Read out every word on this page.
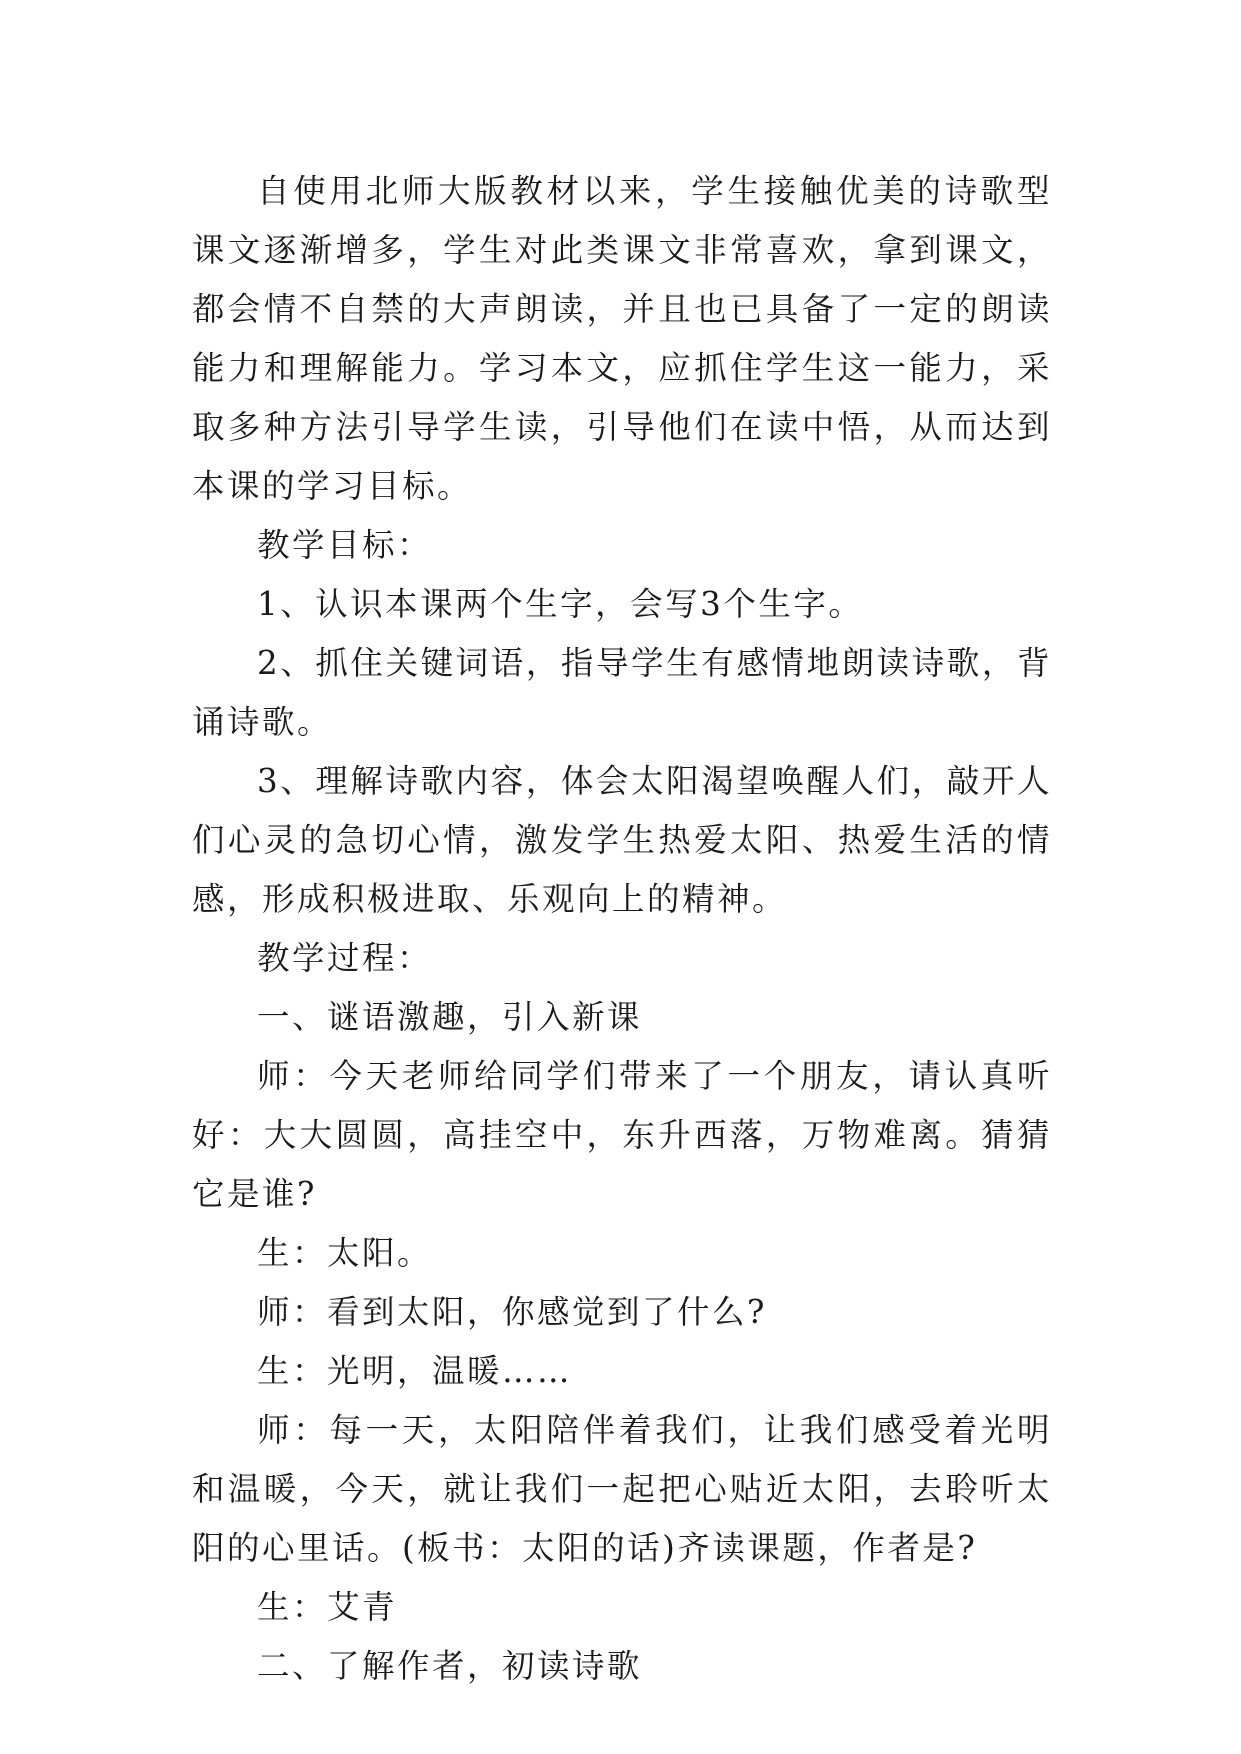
自使用北师大版教材以来，学生接触优美的诗歌型课文逐渐增多，学生对此类课文非常喜欢，拿到课文，都会情不自禁的大声朗读，并且也已具备了一定的朗读能力和理解能力。学习本文，应抓住学生这一能力，采取多种方法引导学生读，引导他们在读中悟，从而达到本课的学习目标。

教学目标：

1、认识本课两个生字，会写3个生字。

2、抓住关键词语，指导学生有感情地朗读诗歌，背诵诗歌。

3、理解诗歌内容，体会太阳渴望唤醒人们，敲开人们心灵的急切心情，激发学生热爱太阳、热爱生活的情感，形成积极进取、乐观向上的精神。

教学过程：

一、谜语激趣，引入新课

师：今天老师给同学们带来了一个朋友，请认真听好：大大圆圆，高挂空中，东升西落，万物难离。猜猜它是谁?

生：太阳。

师：看到太阳，你感觉到了什么?

生：光明，温暖……

师：每一天，太阳陪伴着我们，让我们感受着光明和温暖，今天，就让我们一起把心贴近太阳，去聆听太阳的心里话。(板书：太阳的话)齐读课题，作者是?

生：艾青

二、了解作者，初读诗歌
